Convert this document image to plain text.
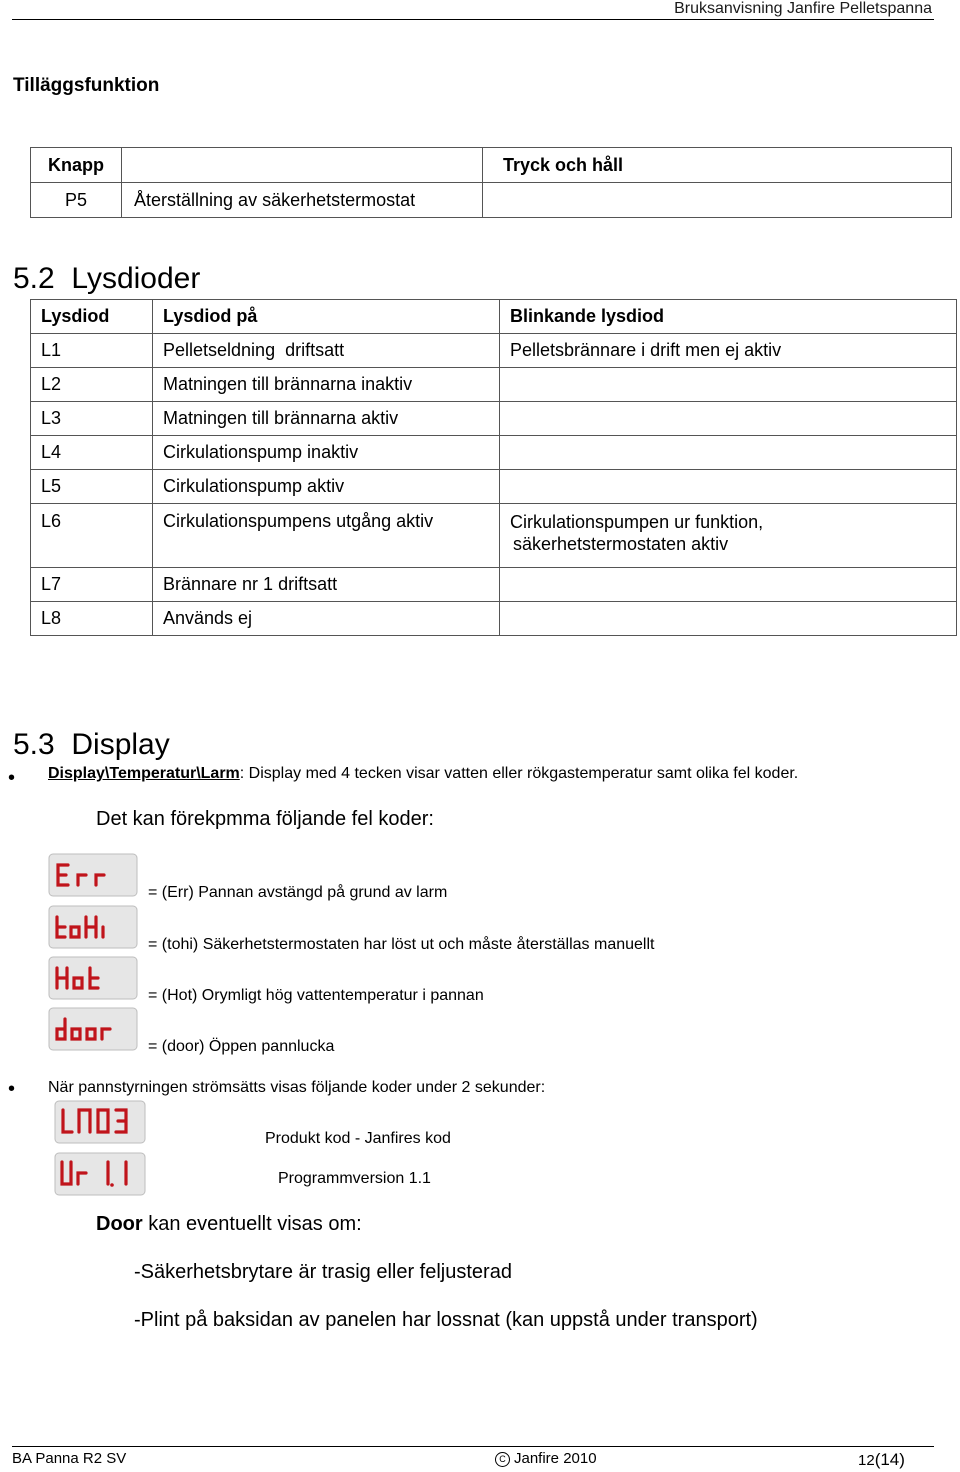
Bruksanvisning Janfire Pelletspanna
Tilläggsfunktion
Knapp		Tryck och håll
P5	Återställning av säkerhetstermostat	
5.2  Lysdioder
Lysdiod	Lysdiod på	Blinkande lysdiod
L1	Pelletseldning  driftsatt	Pelletsbrännare i drift men ej aktiv
L2	Matningen till brännarna inaktiv	
L3	Matningen till brännarna aktiv	
L4	Cirkulationspump inaktiv	
L5	Cirkulationspump aktiv	
L6	Cirkulationspumpens utgång aktiv	Cirkulationspumpen ur funktion,
säkerhetstermostaten aktiv

L7	Brännare nr 1 driftsatt	
L8	Används ej	
5.3  Display
• Display\Temperatur\Larm: Display med 4 tecken visar vatten eller rökgastemperatur samt olika fel koder.
Det kan förekpmma följande fel koder:
= (Err) Pannan avstängd på grund av larm
= (tohi) Säkerhetstermostaten har löst ut och måste återställas manuellt
= (Hot) Orymligt hög vattentemperatur i pannan
= (door) Öppen pannlucka
• När pannstyrningen strömsätts visas följande koder under 2 sekunder:
Produkt kod - Janfires kod
Programmversion 1.1
Door kan eventuellt visas om:
-Säkerhetsbrytare är trasig eller feljusterad
-Plint på baksidan av panelen har lossnat (kan uppstå under transport)
BA Panna R2 SV	C Janfire 2010	12(14)
